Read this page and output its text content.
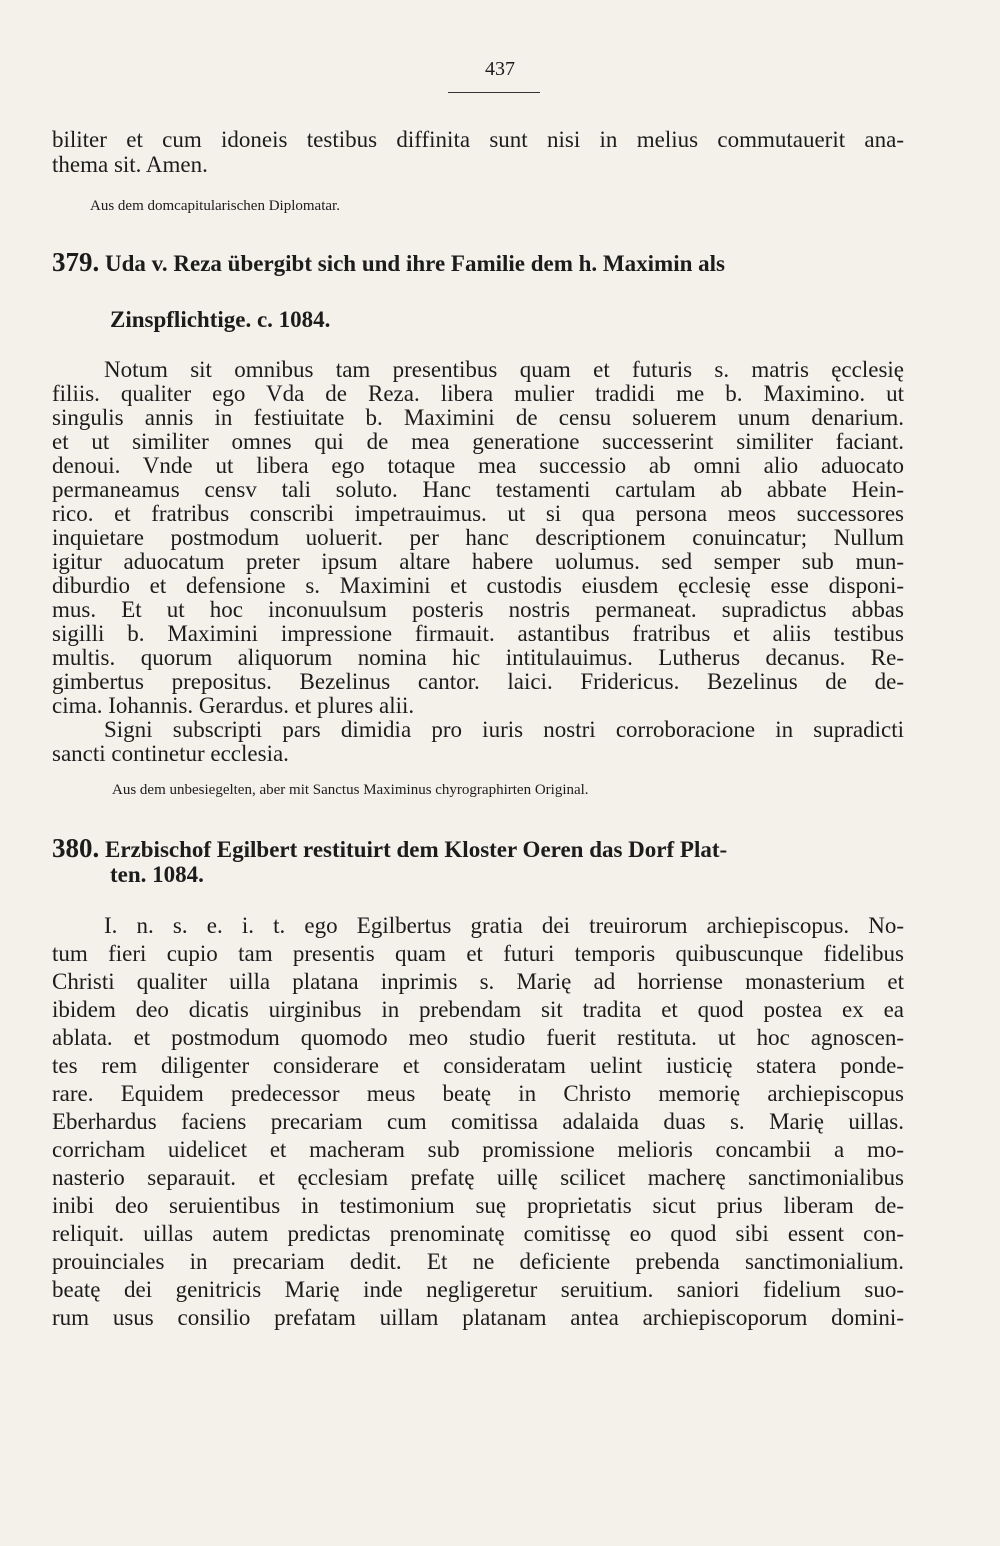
437
biliter et cum idoneis testibus diffinita sunt nisi in melius commutauerit ana-
thema sit. Amen.
Aus dem domcapitularischen Diplomatar.
379. Uda v. Reza übergibt sich und ihre Familie dem h. Maximin als
Zinspflichtige. c. 1084.
Notum sit omnibus tam presentibus quam et futuris s. matris ęcclesię
filiis. qualiter ego Vda de Reza. libera mulier tradidi me b. Maximino. ut
singulis annis in festiuitate b. Maximini de censu soluerem unum denarium.
et ut similiter omnes qui de mea generatione successerint similiter faciant.
denoui. Vnde ut libera ego totaque mea successio ab omni alio aduocato
permaneamus censv tali soluto. Hanc testamenti cartulam ab abbate Hein-
rico. et fratribus conscribi impetrauimus. ut si qua persona meos successores
inquietare postmodum uoluerit. per hanc descriptionem conuincatur; Nullum
igitur aduocatum preter ipsum altare habere uolumus. sed semper sub mun-
diburdio et defensione s. Maximini et custodis eiusdem ęcclesię esse disponi-
mus. Et ut hoc inconuulsum posteris nostris permaneat. supradictus abbas
sigilli b. Maximini impressione firmauit. astantibus fratribus et aliis testibus
multis. quorum aliquorum nomina hic intitulauimus. Lutherus decanus. Re-
gimbertus prepositus. Bezelinus cantor. laici. Fridericus. Bezelinus de de-
cima. Iohannis. Gerardus. et plures alii.
Signi subscripti pars dimidia pro iuris nostri corroboracione in supradicti
sancti continetur ecclesia.
Aus dem unbesiegelten, aber mit Sanctus Maximinus chyrographirten Original.
380. Erzbischof Egilbert restituirt dem Kloster Oeren das Dorf Plat-
ten. 1084.
I. n. s. e. i. t. ego Egilbertus gratia dei treuirorum archiepiscopus. No-
tum fieri cupio tam presentis quam et futuri temporis quibuscunque fidelibus
Christi qualiter uilla platana inprimis s. Marię ad horriense monasterium et
ibidem deo dicatis uirginibus in prebendam sit tradita et quod postea ex ea
ablata. et postmodum quomodo meo studio fuerit restituta. ut hoc agnoscen-
tes rem diligenter considerare et consideratam uelint iusticię statera ponde-
rare. Equidem predecessor meus beatę in Christo memorię archiepiscopus
Eberhardus faciens precariam cum comitissa adalaida duas s. Marię uillas.
corricham uidelicet et macheram sub promissione melioris concambii a mo-
nasterio separauit. et ęcclesiam prefatę uillę scilicet macherę sanctimonialibus
inibi deo seruientibus in testimonium suę proprietatis sicut prius liberam de-
reliquit. uillas autem predictas prenominatę comitissę eo quod sibi essent con-
prouinciales in precariam dedit. Et ne deficiente prebenda sanctimonialium.
beatę dei genitricis Marię inde negligeretur seruitium. saniori fidelium suo-
rum usus consilio prefatam uillam platanam antea archiepiscoporum domini-
